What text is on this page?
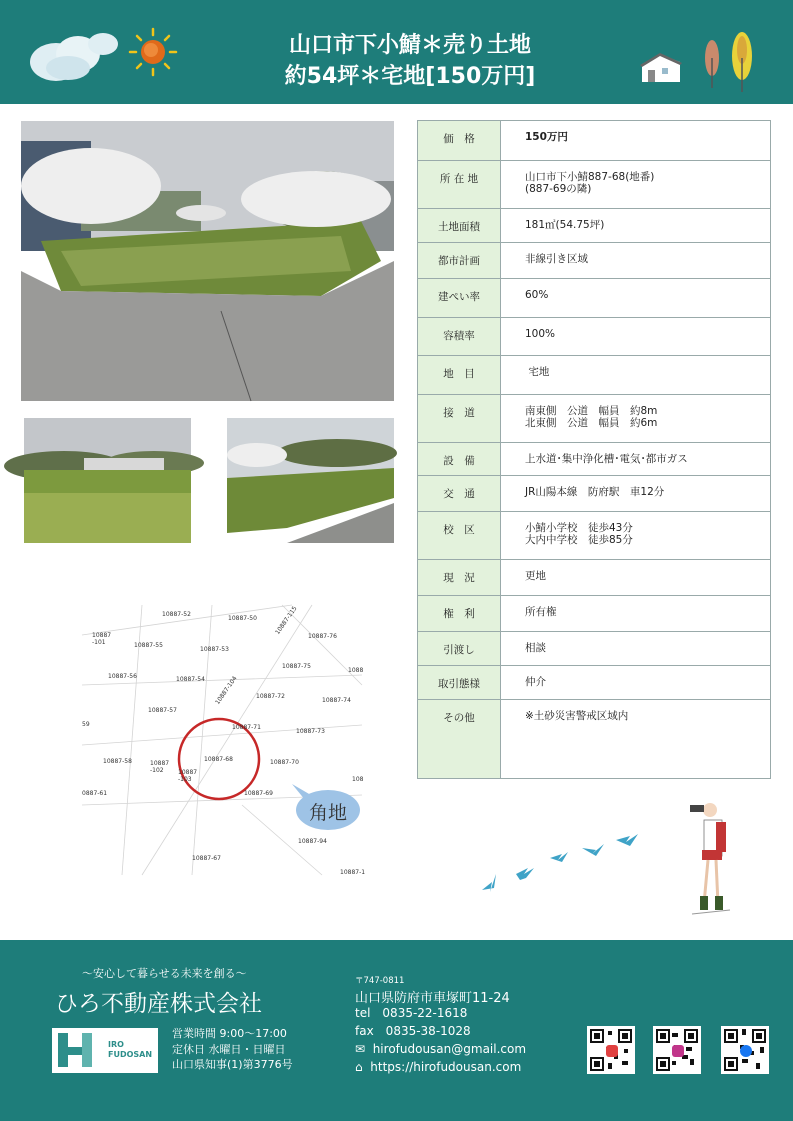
山口市下小鯖＊売り土地
約54坪＊宅地[150万円]
10887-52
10887-50	10887-115
10887-76
10887
-101	10887-55
10887-53
10887-75
1088
10887-56	10887-54 10887-104	10887-72
10887-74
10887-57
10887-71
10887-73
59
10887-68
10887-58	10887
-102	10887
-103
10887-70
10887-69
108
0887-61
10887-94
10887-67
10887-1
角地
価　格	150万円
所 在 地	山口市下小鯖887-68(地番)
(887-69の隣)
土地面積	181㎡(54.75坪)
都市計画	非線引き区域
建ぺい率	60%
容積率	100%
地　目	宅地
接　道	南東側　公道　幅員　約8m
北東側　公道　幅員　約6m
設　備	上水道･集中浄化槽･電気･都市ガス
交　通	JR山陽本線　防府駅　車12分
校　区	小鯖小学校　徒歩43分
大内中学校　徒歩85分
現　況	更地
権　利	所有権
引渡し	相談
取引態様	仲介
その他	※土砂災害警戒区域内
～安心して暮らせる未来を創る～
ひろ不動産株式会社
IRO
FUDOSAN
営業時間 9:00～17:00
定休日 水曜日・日曜日
山口県知事(1)第3776号
〒747-0811
山口県防府市車塚町11-24
tel　0835-22-1618
fax　0835-38-1028
✉ hirofudousan@gmail.com
⌂ https://hirofudousan.com
